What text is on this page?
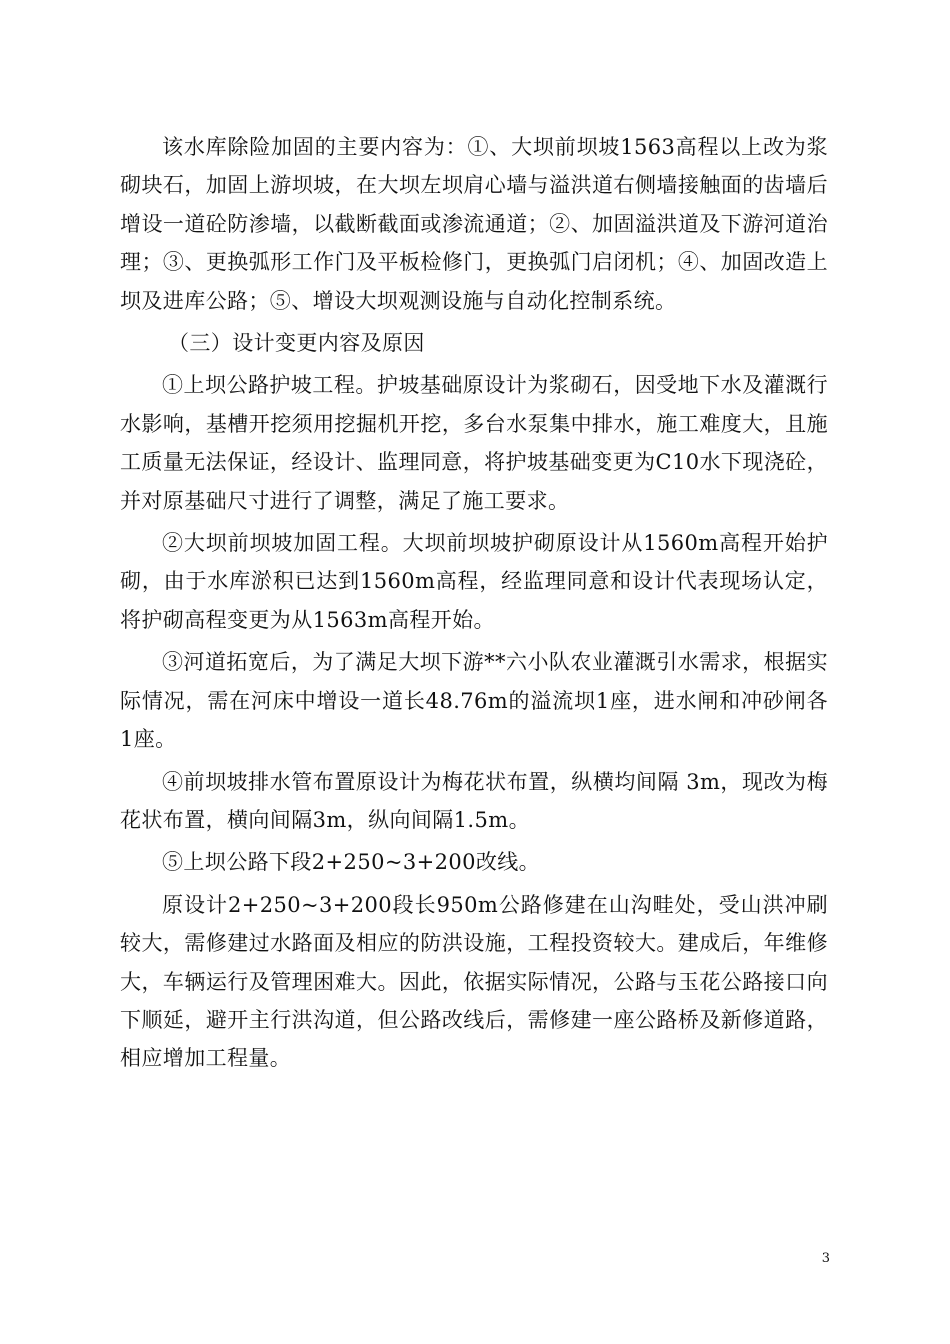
该水库除险加固的主要内容为：①、大坝前坝坡1563高程以上改为浆砌块石，加固上游坝坡，在大坝左坝肩心墙与溢洪道右侧墙接触面的齿墙后增设一道砼防渗墙，以截断截面或渗流通道；②、加固溢洪道及下游河道治理；③、更换弧形工作门及平板检修门，更换弧门启闭机；④、加固改造上坝及进库公路；⑤、增设大坝观测设施与自动化控制系统。

（三）设计变更内容及原因

①上坝公路护坡工程。护坡基础原设计为浆砌石，因受地下水及灌溉行水影响，基槽开挖须用挖掘机开挖，多台水泵集中排水，施工难度大，且施工质量无法保证，经设计、监理同意，将护坡基础变更为C10水下现浇砼，并对原基础尺寸进行了调整，满足了施工要求。

②大坝前坝坡加固工程。大坝前坝坡护砌原设计从1560m高程开始护砌，由于水库淤积已达到1560m高程，经监理同意和设计代表现场认定，将护砌高程变更为从1563m高程开始。

③河道拓宽后，为了满足大坝下游**六小队农业灌溉引水需求，根据实际情况，需在河床中增设一道长48.76m的溢流坝1座，进水闸和冲砂闸各1座。

④前坝坡排水管布置原设计为梅花状布置，纵横均间隔 3m，现改为梅花状布置，横向间隔3m，纵向间隔1.5m。

⑤上坝公路下段2+250~3+200改线。

原设计2+250~3+200段长950m公路修建在山沟畦处，受山洪冲刷较大，需修建过水路面及相应的防洪设施，工程投资较大。建成后，年维修大，车辆运行及管理困难大。因此，依据实际情况，公路与玉花公路接口向下顺延，避开主行洪沟道，但公路改线后，需修建一座公路桥及新修道路，相应增加工程量。

3
